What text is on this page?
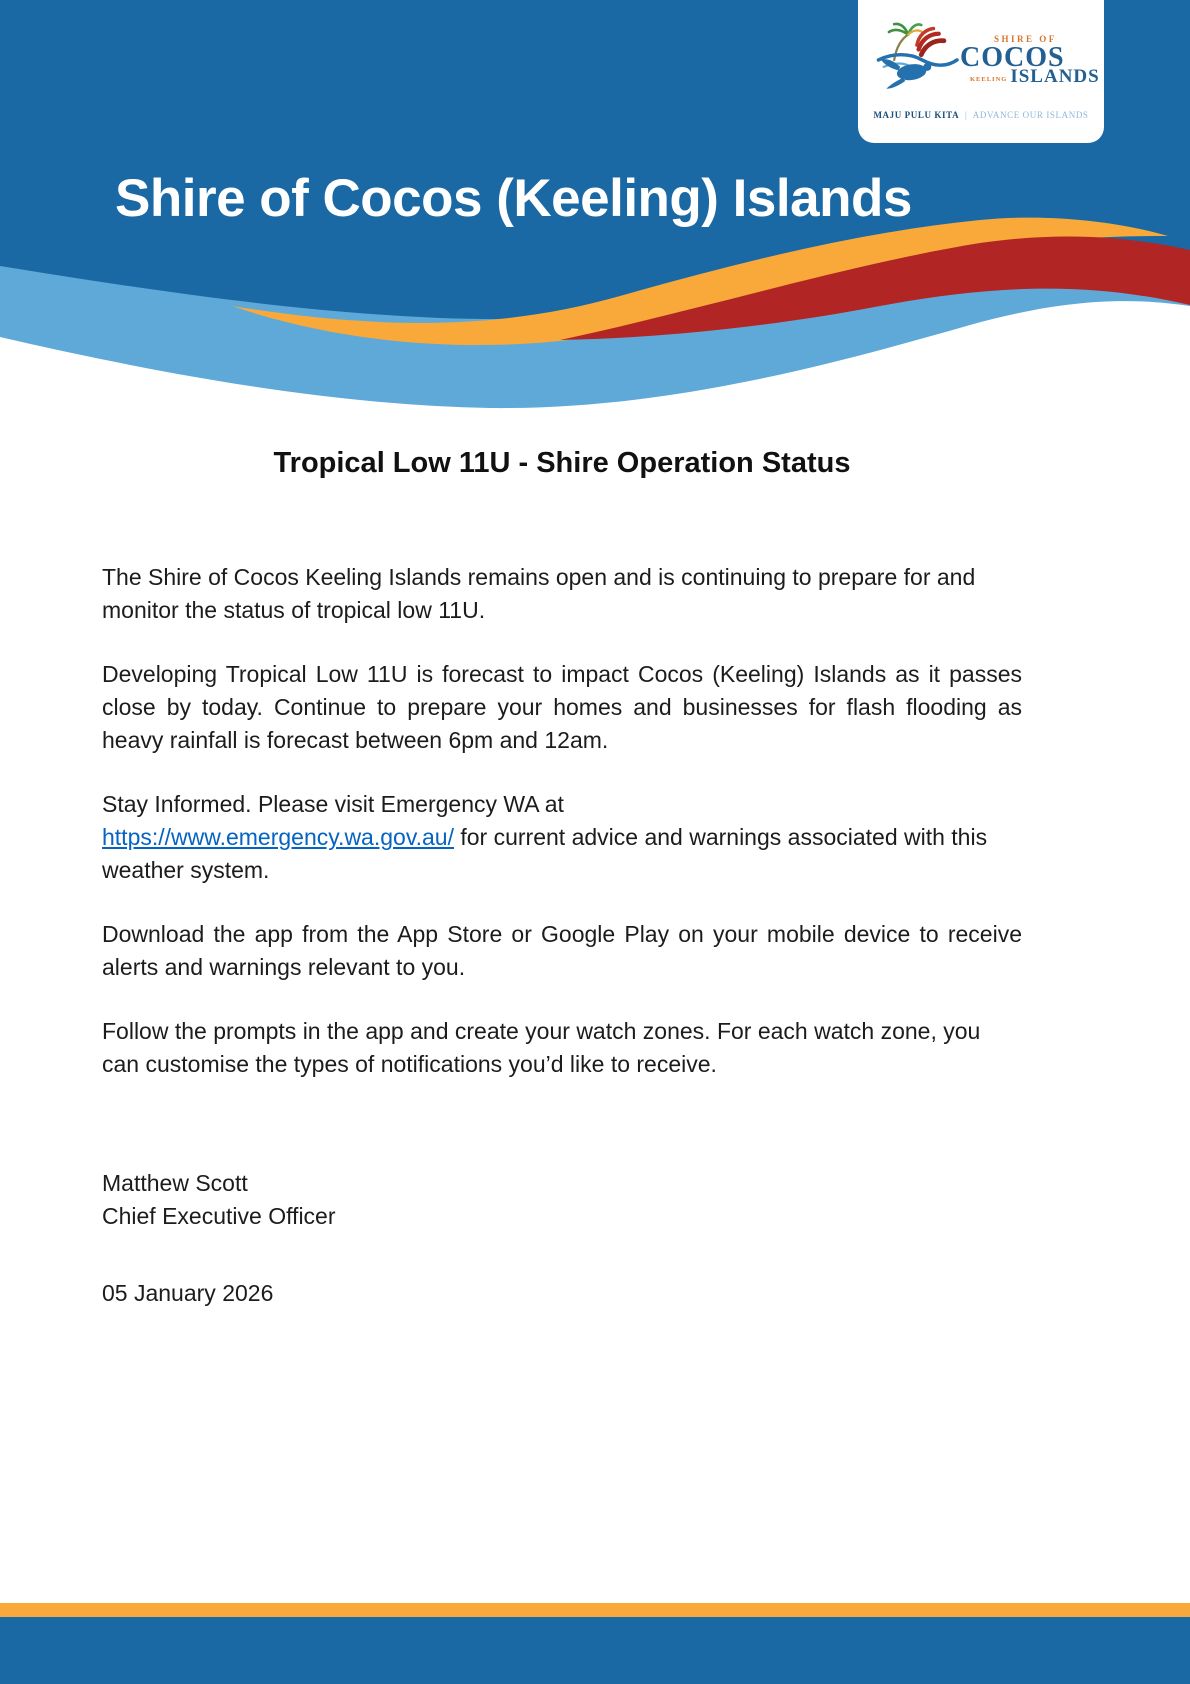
SHIRE OF

COCOS

KEELING ISLANDS
MAJU PULU KITA | ADVANCE OUR ISLANDS
Shire of Cocos (Keeling) Islands
Tropical Low 11U - Shire Operation Status

The Shire of Cocos Keeling Islands remains open and is continuing to prepare for and monitor the status of tropical low 11U.

Developing Tropical Low 11U is forecast to impact Cocos (Keeling) Islands as it passes close by today. Continue to prepare your homes and businesses for flash flooding as heavy rainfall is forecast between 6pm and 12am.

Stay Informed. Please visit Emergency WA at
https://www.emergency.wa.gov.au/ for current advice and warnings associated with this weather system.

Download the app from the App Store or Google Play on your mobile device to receive alerts and warnings relevant to you.

Follow the prompts in the app and create your watch zones. For each watch zone, you can customise the types of notifications you’d like to receive.

Matthew Scott
Chief Executive Officer

05 January 2026
